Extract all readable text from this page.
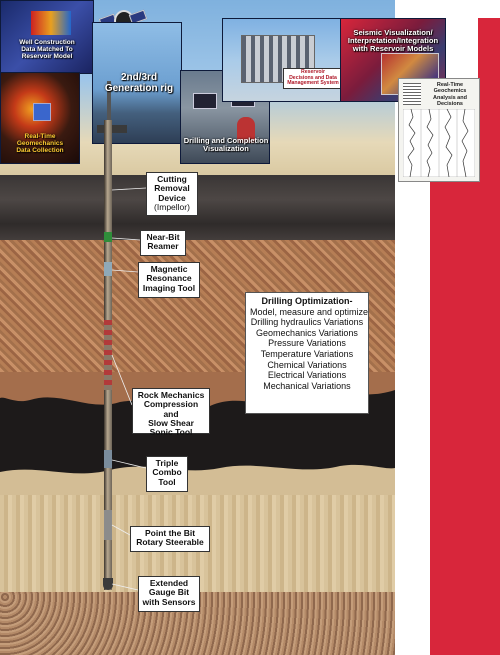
Well Construction
Data Matched To
Reservoir Model
Real-Time
Geomechanics
Data Collection
2nd/3rd
Generation rig
Drilling and Completion
Visualization
Reservoir
Decisions and Data
Management System
Seismic Visualization/
Interpretation/Integration
with Reservoir Models
Real-Time
Geochemics
Analysis and Decisions
Cutting
Removal
Device
(Impellor)
Near-Bit
Reamer
Magnetic
Resonance
Imaging Tool
Rock Mechanics
Compression and
Slow Shear
Sonic Tool
Triple
Combo
Tool
Point the Bit
Rotary Steerable
Extended
Gauge Bit
with Sensors
Drilling Optimization-
Model, measure and optimize
Drilling hydraulics Variations
Geomechanics Variations
Pressure Variations
Temperature Variations
Chemical Variations
Electrical Variations
Mechanical Variations
